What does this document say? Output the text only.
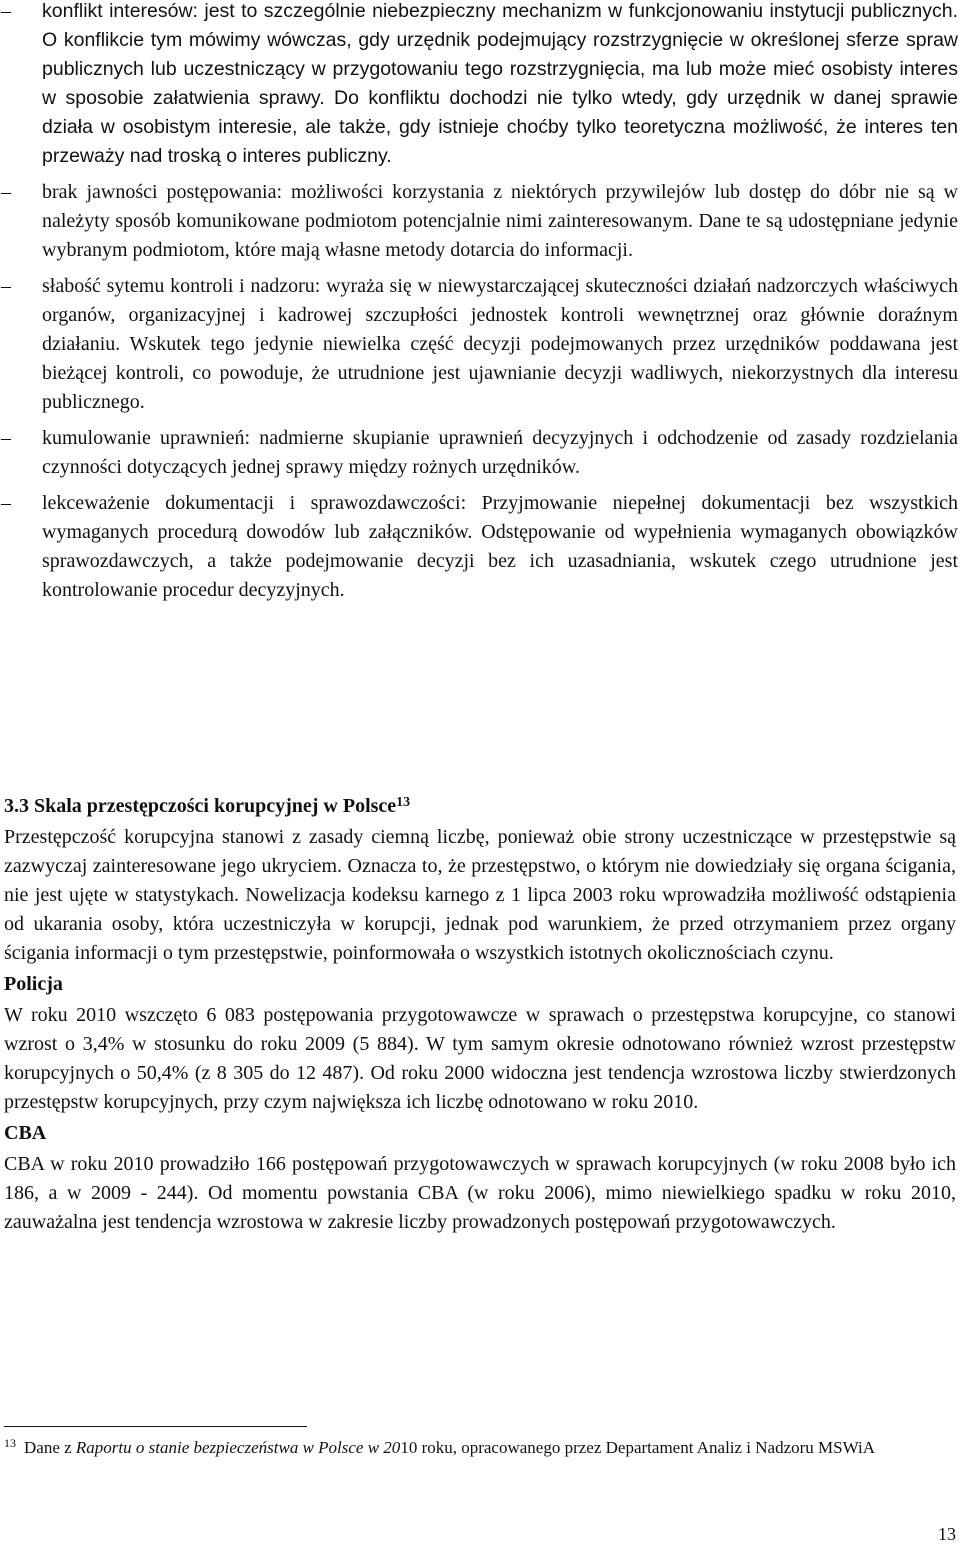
–	konflikt interesów: jest to szczególnie niebezpieczny mechanizm w funkcjonowaniu instytucji publicznych. O konflikcie tym mówimy wówczas, gdy urzędnik podejmujący rozstrzygnięcie w określonej sferze spraw publicznych lub uczestniczący w przygotowaniu tego rozstrzygnięcia, ma lub może mieć osobisty interes w sposobie załatwienia sprawy. Do konfliktu dochodzi nie tylko wtedy, gdy urzędnik w danej sprawie działa w osobistym interesie, ale także, gdy istnieje choćby tylko teoretyczna możliwość, że interes ten przeważy nad troską o interes publiczny.

–	brak jawności postępowania: możliwości korzystania z niektórych przywilejów lub dostęp do dóbr nie są w należyty sposób komunikowane podmiotom potencjalnie nimi zainteresowanym. Dane te są udostępniane jedynie wybranym podmiotom, które mają własne metody dotarcia do informacji.

–	słabość sytemu kontroli i nadzoru: wyraża się w niewystarczającej skuteczności działań nadzorczych właściwych organów, organizacyjnej i kadrowej szczupłości jednostek kontroli wewnętrznej oraz głównie doraźnym działaniu. Wskutek tego jedynie niewielka część decyzji podejmowanych przez urzędników poddawana jest bieżącej kontroli, co powoduje, że utrudnione jest ujawnianie decyzji wadliwych, niekorzystnych dla interesu publicznego.

–	kumulowanie uprawnień: nadmierne skupianie uprawnień decyzyjnych i odchodzenie od zasady rozdzielania czynności dotyczących jednej sprawy między rożnych urzędników.

–	lekceważenie dokumentacji i sprawozdawczości: Przyjmowanie niepełnej dokumentacji bez wszystkich wymaganych procedurą dowodów lub załączników. Odstępowanie od wypełnienia wymaganych obowiązków sprawozdawczych, a także podejmowanie decyzji bez ich uzasadniania, wskutek czego utrudnione jest kontrolowanie procedur decyzyjnych.

3.3 Skala przestępczości korupcyjnej w Polsce$^{13}$

Przestępczość korupcyjna stanowi z zasady ciemną liczbę, ponieważ obie strony uczestniczące w przestępstwie są zazwyczaj zainteresowane jego ukryciem. Oznacza to, że przestępstwo, o którym nie dowiedziały się organa ścigania, nie jest ujęte w statystykach. Nowelizacja kodeksu karnego z 1 lipca 2003 roku wprowadziła możliwość odstąpienia od ukarania osoby, która uczestniczyła w korupcji, jednak pod warunkiem, że przed otrzymaniem przez organy ścigania informacji o tym przestępstwie, poinformowała o wszystkich istotnych okolicznościach czynu.

Policja

W roku 2010 wszczęto 6 083 postępowania przygotowawcze w sprawach o przestępstwa korupcyjne, co stanowi wzrost o 3,4% w stosunku do roku 2009 (5 884). W tym samym okresie odnotowano również wzrost przestępstw korupcyjnych o 50,4% (z 8 305 do 12 487). Od roku 2000 widoczna jest tendencja wzrostowa liczby stwierdzonych przestępstw korupcyjnych, przy czym największa ich liczbę odnotowano w roku 2010.

CBA

CBA w roku 2010 prowadziło 166 postępowań przygotowawczych w sprawach korupcyjnych (w roku 2008 było ich 186, a w 2009 - 244). Od momentu powstania CBA (w roku 2006), mimo niewielkiego spadku w roku 2010, zauważalna jest tendencja wzrostowa w zakresie liczby prowadzonych postępowań przygotowawczych.

$^{13}$ Dane z Raportu o stanie bezpieczeństwa w Polsce w 2010 roku, opracowanego przez Departament Analiz i Nadzoru MSWiA
13
